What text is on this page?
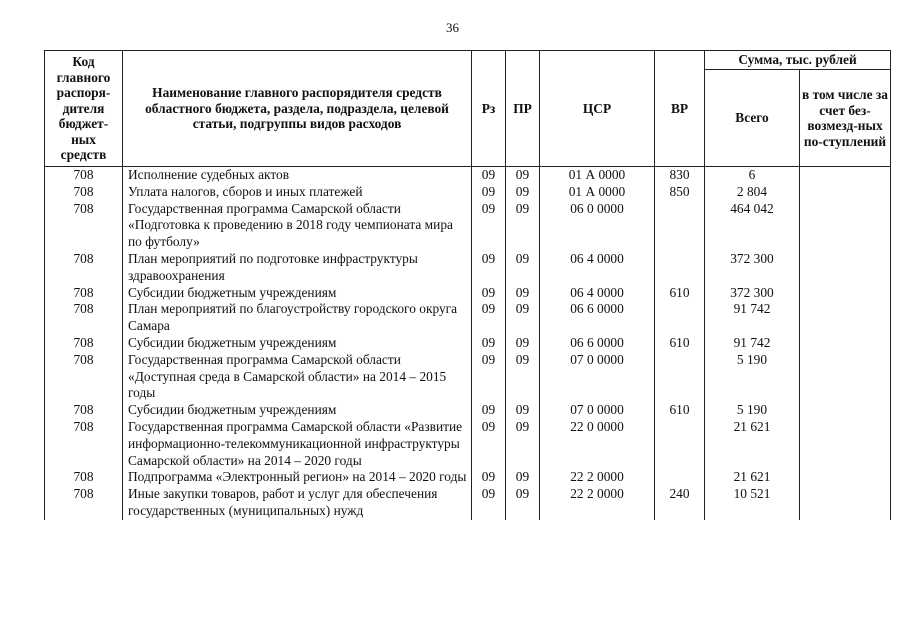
36
Код главного распоря-дителя бюджет-ных средств	Наименование главного распорядителя средств областного бюджета, раздела, подраздела, целевой статьи, подгруппы видов расходов	Рз	ПР	ЦСР	ВР	Сумма, тыс. рублей	
						Всего	в том числе за счет без-возмезд-ных по-ступлений
708	Исполнение судебных актов	09	09	01 А 0000	830	6	
708	Уплата налогов, сборов и иных платежей	09	09	01 А 0000	850	2 804	
708	Государственная программа Самарской области «Подготовка к проведению в 2018 году чемпионата мира по футболу»	09	09	06 0 0000		464 042	
708	План мероприятий по подготовке инфраструктуры здравоохранения	09	09	06 4 0000		372 300	
708	Субсидии бюджетным учреждениям	09	09	06 4 0000	610	372 300	
708	План мероприятий по благоустройству городского округа Самара	09	09	06 6 0000		91 742	
708	Субсидии бюджетным учреждениям	09	09	06 6 0000	610	91 742	
708	Государственная программа Самарской области «Доступная среда в Самарской области» на 2014 – 2015 годы	09	09	07 0 0000		5 190	
708	Субсидии бюджетным учреждениям	09	09	07 0 0000	610	5 190	
708	Государственная программа Самарской области «Развитие информационно-телекоммуникационной инфраструктуры Самарской области» на 2014 – 2020 годы	09	09	22 0 0000		21 621	
708	Подпрограмма «Электронный регион» на 2014 – 2020 годы	09	09	22 2 0000		21 621	
708	Иные закупки товаров, работ и услуг для обеспечения государственных (муниципальных) нужд	09	09	22 2 0000	240	10 521	
